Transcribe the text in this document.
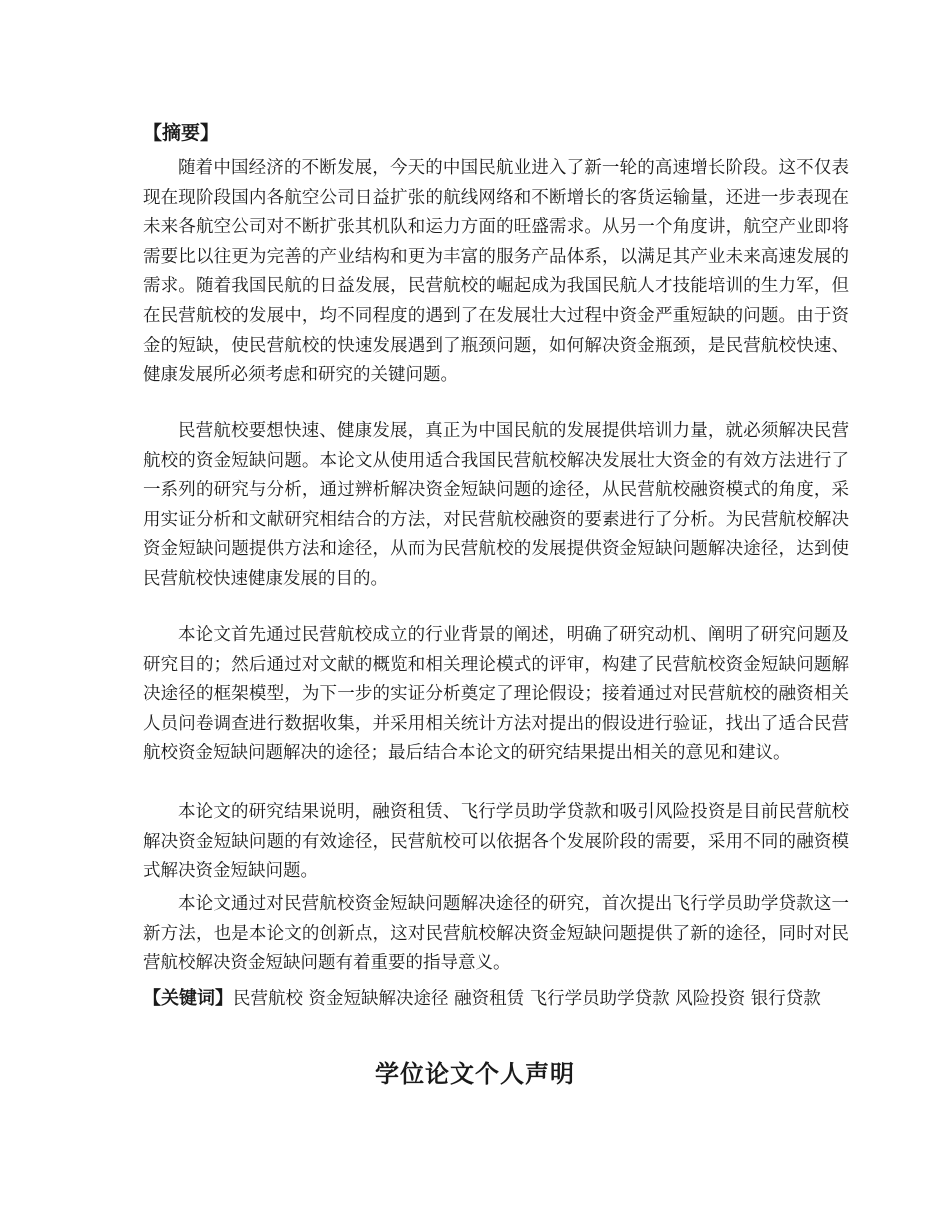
【摘要】

随着中国经济的不断发展，今天的中国民航业进入了新一轮的高速增长阶段。这不仅表现在现阶段国内各航空公司日益扩张的航线网络和不断增长的客货运输量，还进一步表现在未来各航空公司对不断扩张其机队和运力方面的旺盛需求。从另一个角度讲，航空产业即将需要比以往更为完善的产业结构和更为丰富的服务产品体系，以满足其产业未来高速发展的需求。随着我国民航的日益发展，民营航校的崛起成为我国民航人才技能培训的生力军，但在民营航校的发展中，均不同程度的遇到了在发展壮大过程中资金严重短缺的问题。由于资金的短缺，使民营航校的快速发展遇到了瓶颈问题，如何解决资金瓶颈，是民营航校快速、健康发展所必须考虑和研究的关键问题。

民营航校要想快速、健康发展，真正为中国民航的发展提供培训力量，就必须解决民营航校的资金短缺问题。本论文从使用适合我国民营航校解决发展壮大资金的有效方法进行了一系列的研究与分析，通过辨析解决资金短缺问题的途径，从民营航校融资模式的角度，采用实证分析和文献研究相结合的方法，对民营航校融资的要素进行了分析。为民营航校解决资金短缺问题提供方法和途径，从而为民营航校的发展提供资金短缺问题解决途径，达到使民营航校快速健康发展的目的。

本论文首先通过民营航校成立的行业背景的阐述，明确了研究动机、阐明了研究问题及研究目的；然后通过对文献的概览和相关理论模式的评审，构建了民营航校资金短缺问题解决途径的框架模型，为下一步的实证分析奠定了理论假设；接着通过对民营航校的融资相关人员问卷调查进行数据收集，并采用相关统计方法对提出的假设进行验证，找出了适合民营航校资金短缺问题解决的途径；最后结合本论文的研究结果提出相关的意见和建议。

本论文的研究结果说明，融资租赁、飞行学员助学贷款和吸引风险投资是目前民营航校解决资金短缺问题的有效途径，民营航校可以依据各个发展阶段的需要，采用不同的融资模式解决资金短缺问题。

本论文通过对民营航校资金短缺问题解决途径的研究，首次提出飞行学员助学贷款这一新方法，也是本论文的创新点，这对民营航校解决资金短缺问题提供了新的途径，同时对民营航校解决资金短缺问题有着重要的指导意义。

【关键词】民营航校 资金短缺解决途径 融资租赁 飞行学员助学贷款 风险投资 银行贷款

学位论文个人声明
